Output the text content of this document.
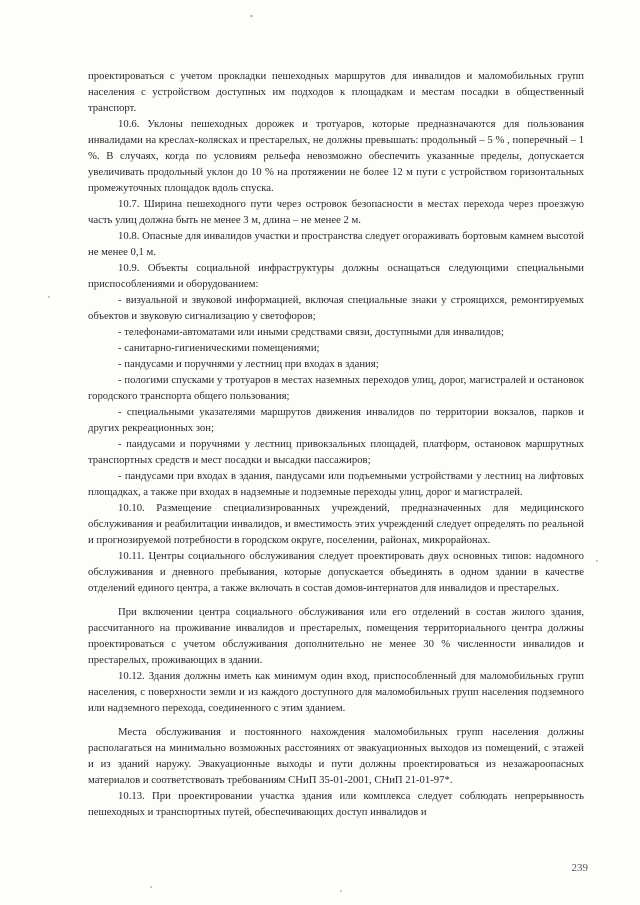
проектироваться с учетом прокладки пешеходных маршрутов для инвалидов и маломобильных групп населения с устройством доступных им подходов к площадкам и местам посадки в общественный транспорт.

10.6. Уклоны пешеходных дорожек и тротуаров, которые предназначаются для пользования инвалидами на креслах-колясках и престарелых, не должны превышать: продольный – 5 % , поперечный – 1 %. В случаях, когда по условиям рельефа невозможно обеспечить указанные пределы, допускается увеличивать продольный уклон до 10 % на протяжении не более 12 м пути с устройством горизонтальных промежуточных площадок вдоль спуска.

10.7. Ширина пешеходного пути через островок безопасности в местах перехода через проезжую часть улиц должна быть не менее 3 м, длина – не менее 2 м.

10.8. Опасные для инвалидов участки и пространства следует огораживать бортовым камнем высотой не менее 0,1 м.

10.9. Объекты социальной инфраструктуры должны оснащаться следующими специальными приспособлениями и оборудованием:

- визуальной и звуковой информацией, включая специальные знаки у строящихся, ремонтируемых объектов и звуковую сигнализацию у светофоров;

- телефонами-автоматами или иными средствами связи, доступными для инвалидов;

- санитарно-гигиеническими помещениями;

- пандусами и поручнями у лестниц при входах в здания;

- пологими спусками у тротуаров в местах наземных переходов улиц, дорог, магистралей и остановок городского транспорта общего пользования;

- специальными указателями маршрутов движения инвалидов по территории вокзалов, парков и других рекреационных зон;

- пандусами и поручнями у лестниц привокзальных площадей, платформ, остановок маршрутных транспортных средств и мест посадки и высадки пассажиров;

- пандусами при входах в здания, пандусами или подъемными устройствами у лестниц на лифтовых площадках, а также при входах в надземные и подземные переходы улиц, дорог и магистралей.

10.10. Размещение специализированных учреждений, предназначенных для медицинского обслуживания и реабилитации инвалидов, и вместимость этих учреждений следует определять по реальной и прогнозируемой потребности в городском округе, поселении, районах, микрорайонах.

10.11. Центры социального обслуживания следует проектировать двух основных типов: надомного обслуживания и дневного пребывания, которые допускается объединять в одном здании в качестве отделений единого центра, а также включать в состав домов-интернатов для инвалидов и престарелых.

При включении центра социального обслуживания или его отделений в состав жилого здания, рассчитанного на проживание инвалидов и престарелых, помещения территориального центра должны проектироваться с учетом обслуживания дополнительно не менее 30 % численности инвалидов и престарелых, проживающих в здании.

10.12. Здания должны иметь как минимум один вход, приспособленный для маломобильных групп населения, с поверхности земли и из каждого доступного для маломобильных групп населения подземного или надземного перехода, соединенного с этим зданием.

Места обслуживания и постоянного нахождения маломобильных групп населения должны располагаться на минимально возможных расстояниях от эвакуационных выходов из помещений, с этажей и из зданий наружу. Эвакуационные выходы и пути должны проектироваться из незажароопасных материалов и соответствовать требованиям СНиП 35-01-2001, СНиП 21-01-97*.

10.13. При проектировании участка здания или комплекса следует соблюдать непрерывность пешеходных и транспортных путей, обеспечивающих доступ инвалидов и

239
